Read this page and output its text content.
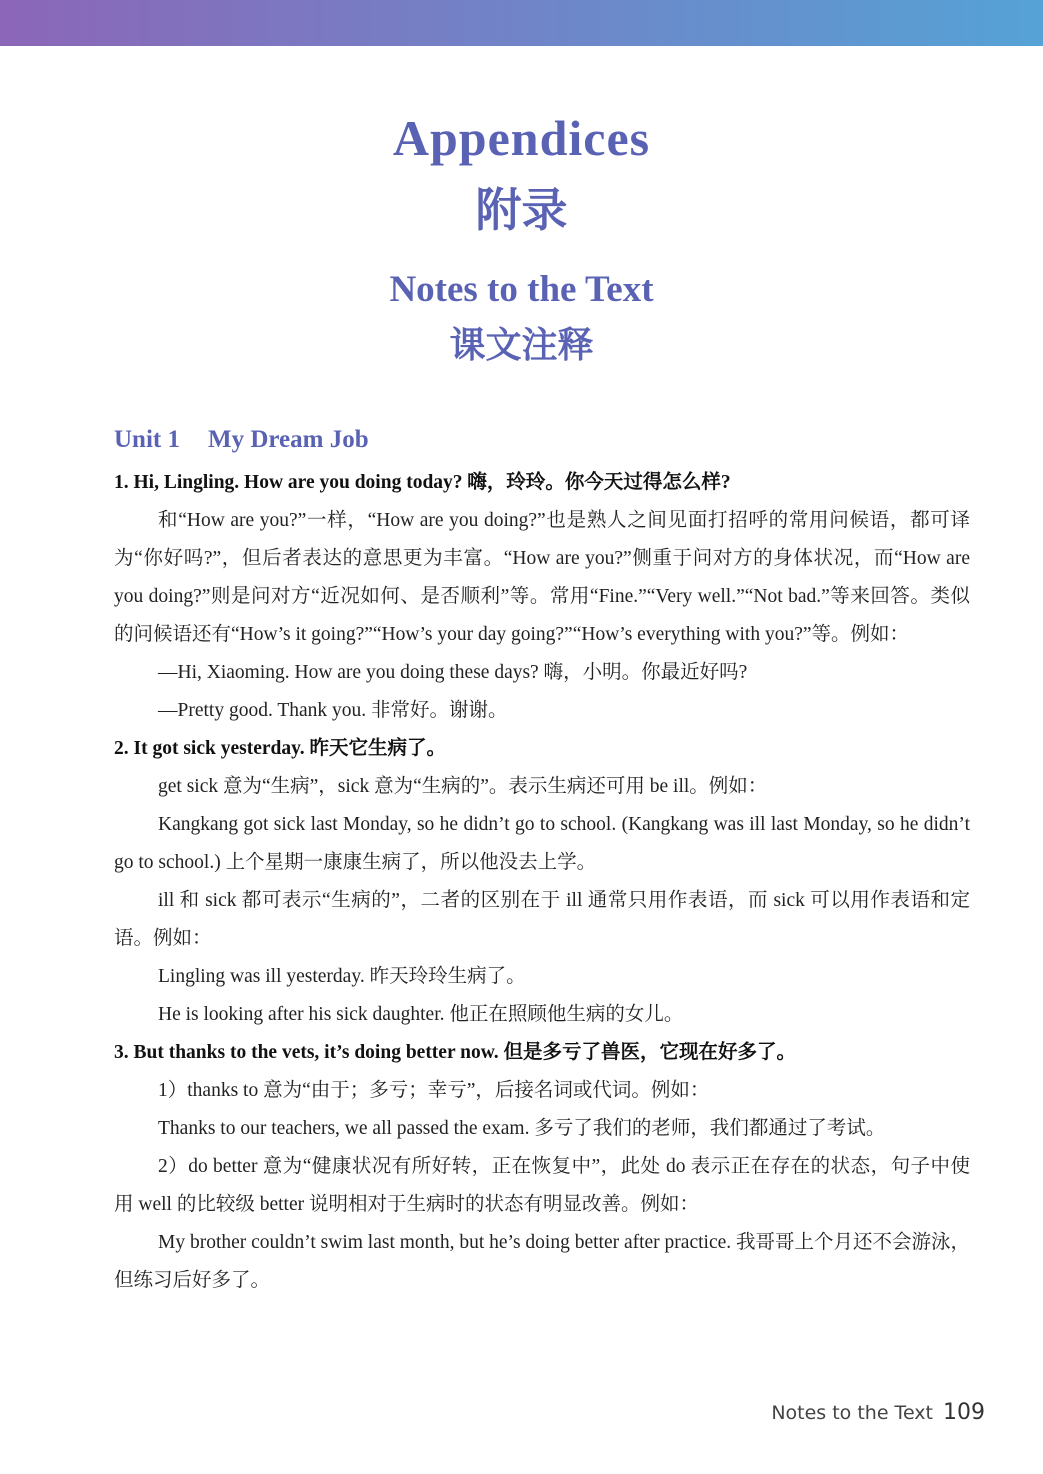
Appendices
附录
Notes to the Text
课文注释
Unit 1 My Dream Job
1. Hi, Lingling. How are you doing today? 嗨，玲玲。你今天过得怎么样?
和“How are you?”一样，“How are you doing?”也是熟人之间见面打招呼的常用问候语，都可译为“你好吗?”，但后者表达的意思更为丰富。“How are you?”侧重于问对方的身体状况，而“How are you doing?”则是问对方“近况如何、是否顺利”等。常用“Fine.”“Very well.”“Not bad.”等来回答。类似的问候语还有“How’s it going?”“How’s your day going?”“How’s everything with you?”等。例如：
—Hi, Xiaoming. How are you doing these days? 嗨，小明。你最近好吗?
—Pretty good. Thank you. 非常好。谢谢。
2. It got sick yesterday. 昨天它生病了。
get sick 意为“生病”，sick 意为“生病的”。表示生病还可用 be ill。例如：
Kangkang got sick last Monday, so he didn’t go to school. (Kangkang was ill last Monday, so he didn’t go to school.) 上个星期一康康生病了，所以他没去上学。
ill 和 sick 都可表示“生病的”，二者的区别在于 ill 通常只用作表语，而 sick 可以用作表语和定语。例如：
Lingling was ill yesterday. 昨天玲玲生病了。
He is looking after his sick daughter. 他正在照顾他生病的女儿。
3. But thanks to the vets, it’s doing better now. 但是多亏了兽医，它现在好多了。
1）thanks to 意为“由于；多亏；幸亏”，后接名词或代词。例如：
Thanks to our teachers, we all passed the exam. 多亏了我们的老师，我们都通过了考试。
2）do better 意为“健康状况有所好转，正在恢复中”，此处 do 表示正在存在的状态，句子中使用 well 的比较级 better 说明相对于生病时的状态有明显改善。例如：
My brother couldn’t swim last month, but he’s doing better after practice. 我哥哥上个月还不会游泳，但练习后好多了。
Notes to the Text 109
